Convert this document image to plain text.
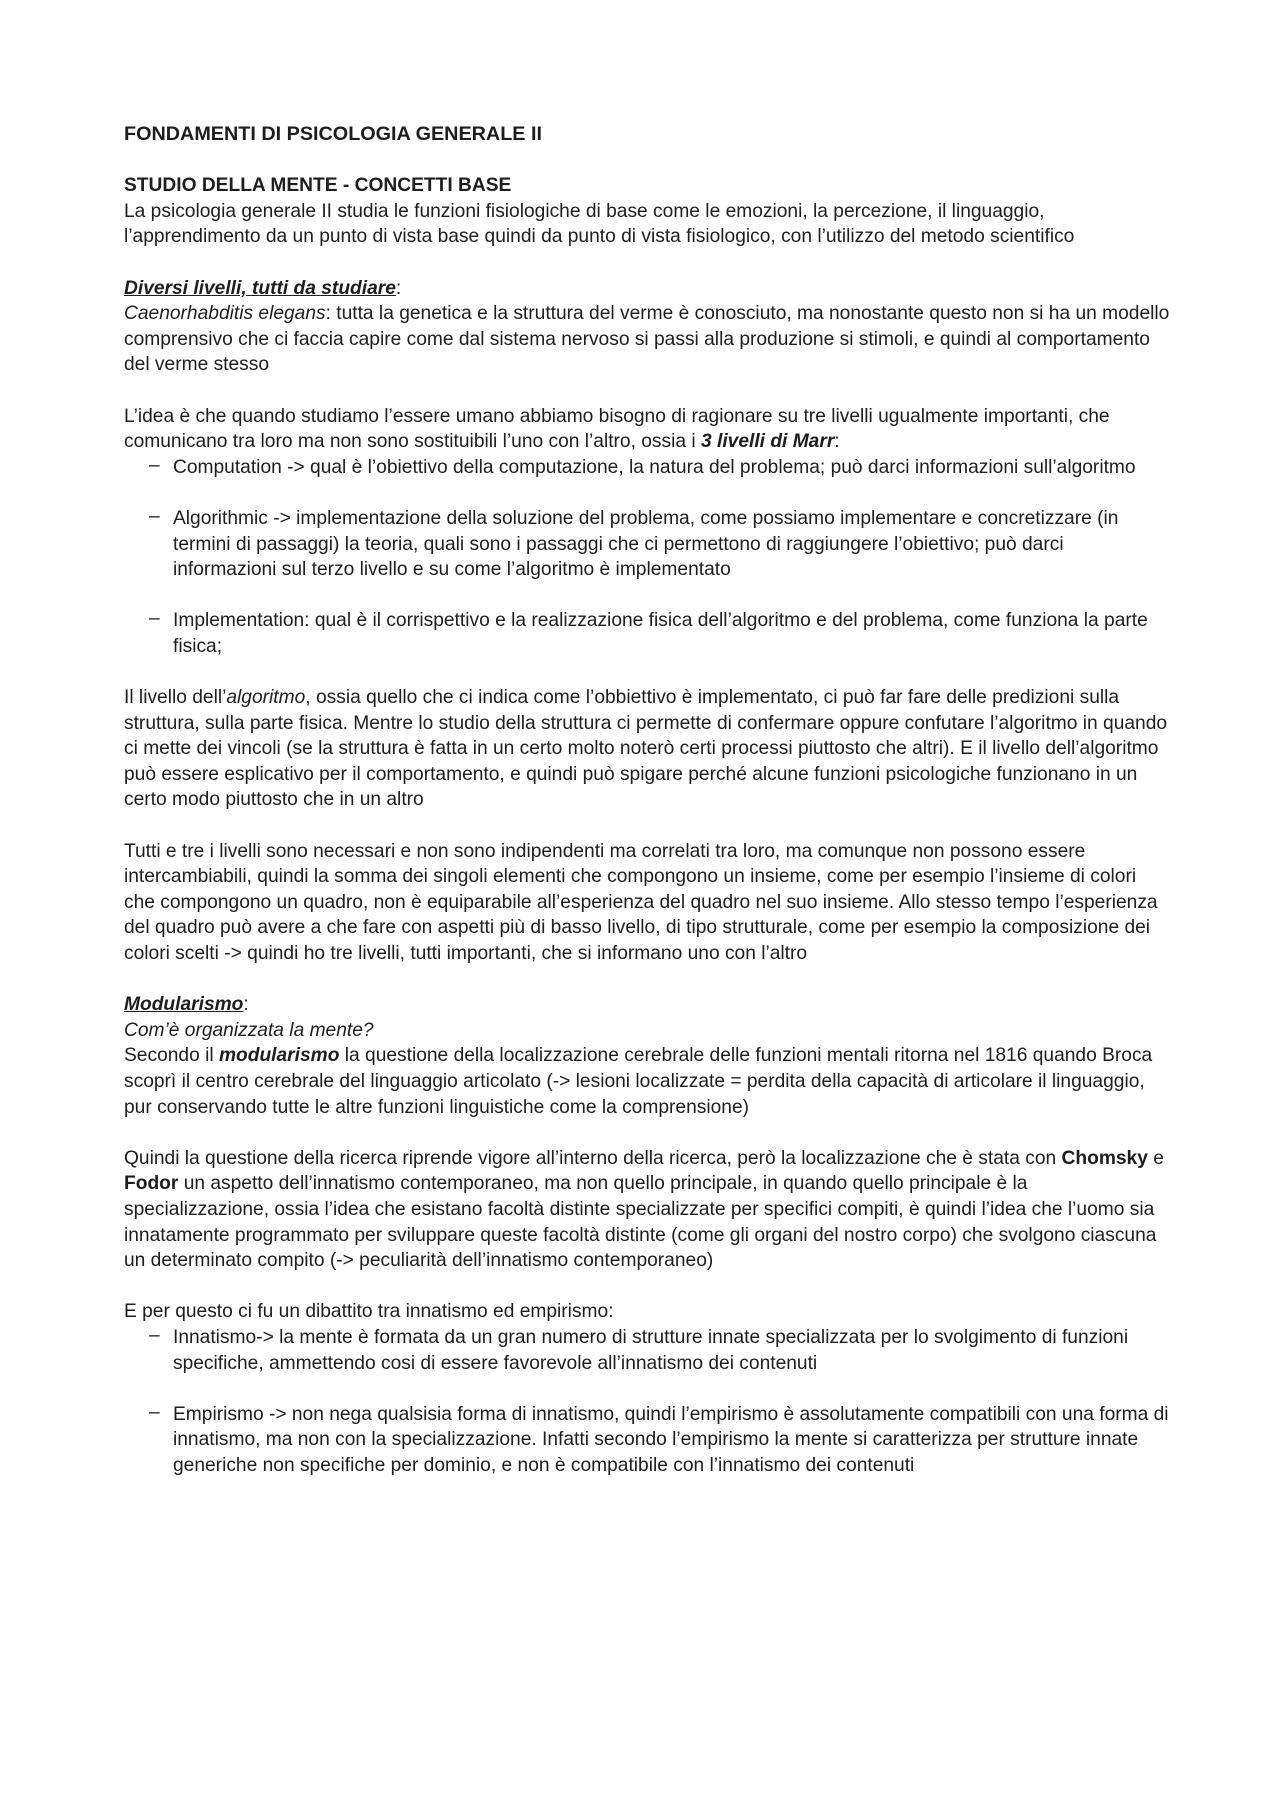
FONDAMENTI DI PSICOLOGIA GENERALE II

STUDIO DELLA MENTE - CONCETTI BASE

La psicologia generale II studia le funzioni fisiologiche di base come le emozioni, la percezione, il linguaggio, l’apprendimento da un punto di vista base quindi da punto di vista fisiologico, con l’utilizzo del metodo scientifico

Diversi livelli, tutti da studiare:

Caenorhabditis elegans: tutta la genetica e la struttura del verme è conosciuto, ma nonostante questo non si ha un modello comprensivo che ci faccia capire come dal sistema nervoso si passi alla produzione si stimoli, e quindi al comportamento del verme stesso

L’idea è che quando studiamo l’essere umano abbiamo bisogno di ragionare su tre livelli ugualmente importanti, che comunicano tra loro ma non sono sostituibili l’uno con l’altro, ossia i 3 livelli di Marr:

– Computation -> qual è l’obiettivo della computazione, la natura del problema; può darci informazioni sull’algoritmo
– Algorithmic -> implementazione della soluzione del problema, come possiamo implementare e concretizzare (in termini di passaggi) la teoria, quali sono i passaggi che ci permettono di raggiungere l’obiettivo; può darci informazioni sul terzo livello e su come l’algoritmo è implementato
– Implementation: qual è il corrispettivo e la realizzazione fisica dell’algoritmo e del problema, come funziona la parte fisica;

Il livello dell’algoritmo, ossia quello che ci indica come l’obbiettivo è implementato, ci può far fare delle predizioni sulla struttura, sulla parte fisica. Mentre lo studio della struttura ci permette di confermare oppure confutare l’algoritmo in quando ci mette dei vincoli (se la struttura è fatta in un certo molto noterò certi processi piuttosto che altri). E il livello dell’algoritmo può essere esplicativo per il comportamento, e quindi può spigare perché alcune funzioni psicologiche funzionano in un certo modo piuttosto che in un altro

Tutti e tre i livelli sono necessari e non sono indipendenti ma correlati tra loro, ma comunque non possono essere intercambiabili, quindi la somma dei singoli elementi che compongono un insieme, come per esempio l’insieme di colori che compongono un quadro, non è equiparabile all’esperienza del quadro nel suo insieme. Allo stesso tempo l’esperienza del quadro può avere a che fare con aspetti più di basso livello, di tipo strutturale, come per esempio la composizione dei colori scelti -> quindi ho tre livelli, tutti importanti, che si informano uno con l’altro

Modularismo:

Com’è organizzata la mente?

Secondo il modularismo la questione della localizzazione cerebrale delle funzioni mentali ritorna nel 1816 quando Broca scoprì il centro cerebrale del linguaggio articolato (-> lesioni localizzate = perdita della capacità di articolare il linguaggio, pur conservando tutte le altre funzioni linguistiche come la comprensione)

Quindi la questione della ricerca riprende vigore all’interno della ricerca, però la localizzazione che è stata con Chomsky e Fodor un aspetto dell’innatismo contemporaneo, ma non quello principale, in quando quello principale è la specializzazione, ossia l’idea che esistano facoltà distinte specializzate per specifici compiti, è quindi l’idea che l’uomo sia innatamente programmato per sviluppare queste facoltà distinte (come gli organi del nostro corpo) che svolgono ciascuna un determinato compito (-> peculiarità dell’innatismo contemporaneo)

E per questo ci fu un dibattito tra innatismo ed empirismo:

– Innatismo-> la mente è formata da un gran numero di strutture innate specializzata per lo svolgimento di funzioni specifiche, ammettendo cosi di essere favorevole all’innatismo dei contenuti
– Empirismo -> non nega qualsisia forma di innatismo, quindi l’empirismo è assolutamente compatibili con una forma di innatismo, ma non con la specializzazione. Infatti secondo l’empirismo la mente si caratterizza per strutture innate generiche non specifiche per dominio, e non è compatibile con l’innatismo dei contenuti
